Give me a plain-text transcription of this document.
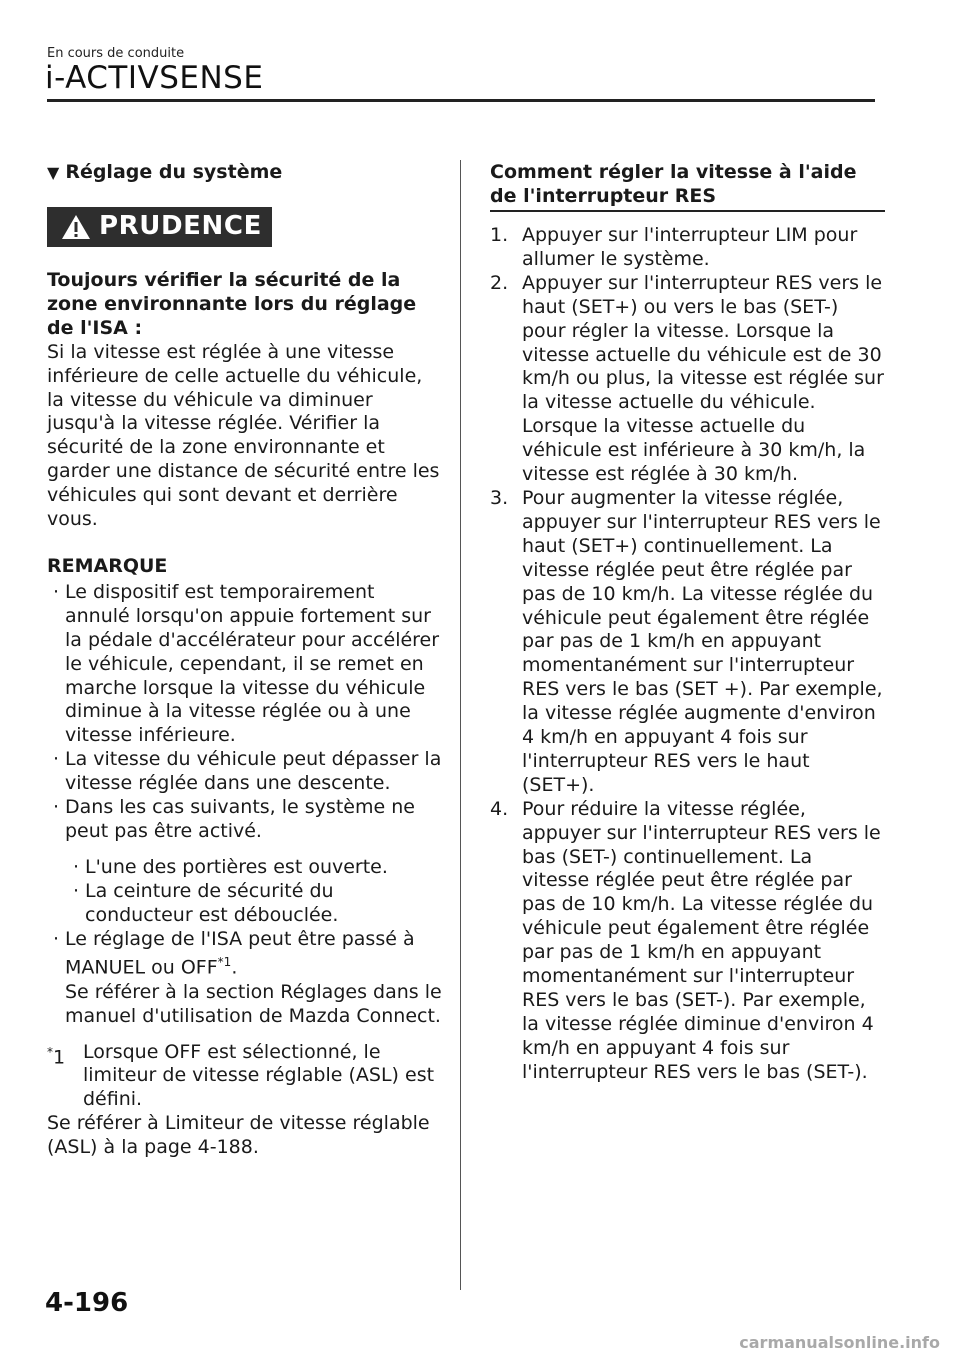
En cours de conduite
i-ACTIVSENSE
▼ Réglage du système
PRUDENCE

Toujours vérifier la sécurité de la zone environnante lors du réglage de l'ISA :

Si la vitesse est réglée à une vitesse inférieure de celle actuelle du véhicule, la vitesse du véhicule va diminuer jusqu'à la vitesse réglée. Vérifier la sécurité de la zone environnante et garder une distance de sécurité entre les véhicules qui sont devant et derrière vous.

REMARQUE

· Le dispositif est temporairement annulé lorsqu'on appuie fortement sur la pédale d'accélérateur pour accélérer le véhicule, cependant, il se remet en marche lorsque la vitesse du véhicule diminue à la vitesse réglée ou à une vitesse inférieure.
· La vitesse du véhicule peut dépasser la vitesse réglée dans une descente.
· Dans les cas suivants, le système ne peut pas être activé.
· L'une des portières est ouverte.
· La ceinture de sécurité du conducteur est débouclée.
· Le réglage de l'ISA peut être passé à MANUEL ou OFF$^{*1}$.
Se référer à la section Réglages dans le manuel d'utilisation de Mazda Connect.
*1 Lorsque OFF est sélectionné, le limiteur de vitesse réglable (ASL) est défini.

Se référer à Limiteur de vitesse réglable (ASL) à la page 4-188.

Comment régler la vitesse à l'aide de l'interrupteur RES
1. Appuyer sur l'interrupteur LIM pour allumer le système.
2. Appuyer sur l'interrupteur RES vers le haut (SET+) ou vers le bas (SET-) pour régler la vitesse. Lorsque la vitesse actuelle du véhicule est de 30 km/h ou plus, la vitesse est réglée sur la vitesse actuelle du véhicule. Lorsque la vitesse actuelle du véhicule est inférieure à 30 km/h, la vitesse est réglée à 30 km/h.
3. Pour augmenter la vitesse réglée, appuyer sur l'interrupteur RES vers le haut (SET+) continuellement. La vitesse réglée peut être réglée par pas de 10 km/h. La vitesse réglée du véhicule peut également être réglée par pas de 1 km/h en appuyant momentanément sur l'interrupteur RES vers le bas (SET +). Par exemple, la vitesse réglée augmente d'environ 4 km/h en appuyant 4 fois sur l'interrupteur RES vers le haut (SET+).
4. Pour réduire la vitesse réglée, appuyer sur l'interrupteur RES vers le bas (SET-) continuellement. La vitesse réglée peut être réglée par pas de 10 km/h. La vitesse réglée du véhicule peut également être réglée par pas de 1 km/h en appuyant momentanément sur l'interrupteur RES vers le bas (SET-). Par exemple, la vitesse réglée diminue d'environ 4 km/h en appuyant 4 fois sur l'interrupteur RES vers le bas (SET-).
4-196
carmanualsonline.info
